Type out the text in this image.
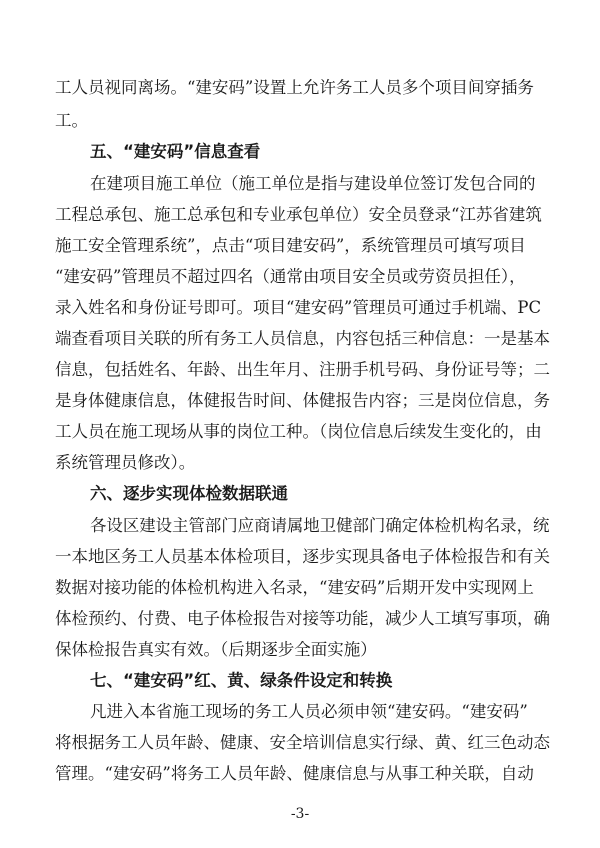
工人员视同离场。“建安码”设置上允许务工人员多个项目间穿插务
工。
五、“建安码”信息查看
在建项目施工单位（施工单位是指与建设单位签订发包合同的
工程总承包、施工总承包和专业承包单位）安全员登录“江苏省建筑
施工安全管理系统”，点击“项目建安码”，系统管理员可填写项目
“建安码”管理员不超过四名（通常由项目安全员或劳资员担任），
录入姓名和身份证号即可。项目“建安码”管理员可通过手机端、PC
端查看项目关联的所有务工人员信息，内容包括三种信息：一是基本
信息，包括姓名、年龄、出生年月、注册手机号码、身份证号等；二
是身体健康信息，体健报告时间、体健报告内容；三是岗位信息，务
工人员在施工现场从事的岗位工种。（岗位信息后续发生变化的，由
系统管理员修改）。
六、逐步实现体检数据联通
各设区建设主管部门应商请属地卫健部门确定体检机构名录，统
一本地区务工人员基本体检项目，逐步实现具备电子体检报告和有关
数据对接功能的体检机构进入名录，“建安码”后期开发中实现网上
体检预约、付费、电子体检报告对接等功能，减少人工填写事项，确
保体检报告真实有效。（后期逐步全面实施）
七、“建安码”红、黄、绿条件设定和转换
凡进入本省施工现场的务工人员必须申领“建安码。“建安码”
将根据务工人员年龄、健康、安全培训信息实行绿、黄、红三色动态
管理。“建安码”将务工人员年龄、健康信息与从事工种关联，自动
-3-
